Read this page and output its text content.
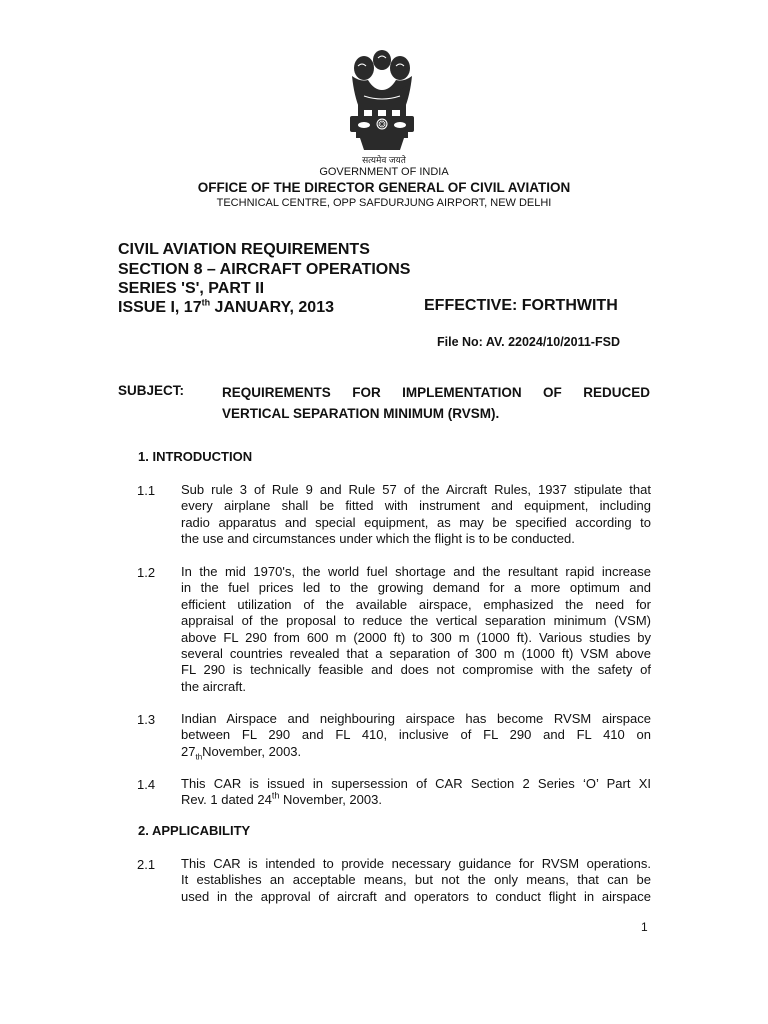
सत्यमेव जयते
GOVERNMENT OF INDIA
OFFICE OF THE DIRECTOR GENERAL OF CIVIL AVIATION
TECHNICAL CENTRE, OPP SAFDURJUNG AIRPORT, NEW DELHI
CIVIL AVIATION REQUIREMENTS
SECTION 8 – AIRCRAFT OPERATIONS
SERIES 'S', PART II
ISSUE I, 17th JANUARY, 2013	EFFECTIVE: FORTHWITH
File No: AV. 22024/10/2011-FSD
SUBJECT:	REQUIREMENTS FOR IMPLEMENTATION OF REDUCED
VERTICAL SEPARATION MINIMUM (RVSM).
1. INTRODUCTION
1.1 Sub rule 3 of Rule 9 and Rule 57 of the Aircraft Rules, 1937 stipulate that
every airplane shall be fitted with instrument and equipment, including
radio apparatus and special equipment, as may be specified according to
the use and circumstances under which the flight is to be conducted.
1.2 In the mid 1970's, the world fuel shortage and the resultant rapid increase
in the fuel prices led to the growing demand for a more optimum and
efficient utilization of the available airspace, emphasized the need for
appraisal of the proposal to reduce the vertical separation minimum (VSM)
above FL 290 from 600 m (2000 ft) to 300 m (1000 ft). Various studies by
several countries revealed that a separation of 300 m (1000 ft) VSM above
FL 290 is technically feasible and does not compromise with the safety of
the aircraft.
1.3 Indian Airspace and neighbouring airspace has become RVSM airspace
between FL 290 and FL 410, inclusive of FL 290 and FL 410 on
$27_{th}November$, 2003.
1.4 This CAR is issued in supersession of CAR Section 2 Series ‘O’ Part XI
Rev. 1 dated 24th November, 2003.
2. APPLICABILITY
2.1 This CAR is intended to provide necessary guidance for RVSM operations.
It establishes an acceptable means, but not the only means, that can be
used in the approval of aircraft and operators to conduct flight in airspace
1
